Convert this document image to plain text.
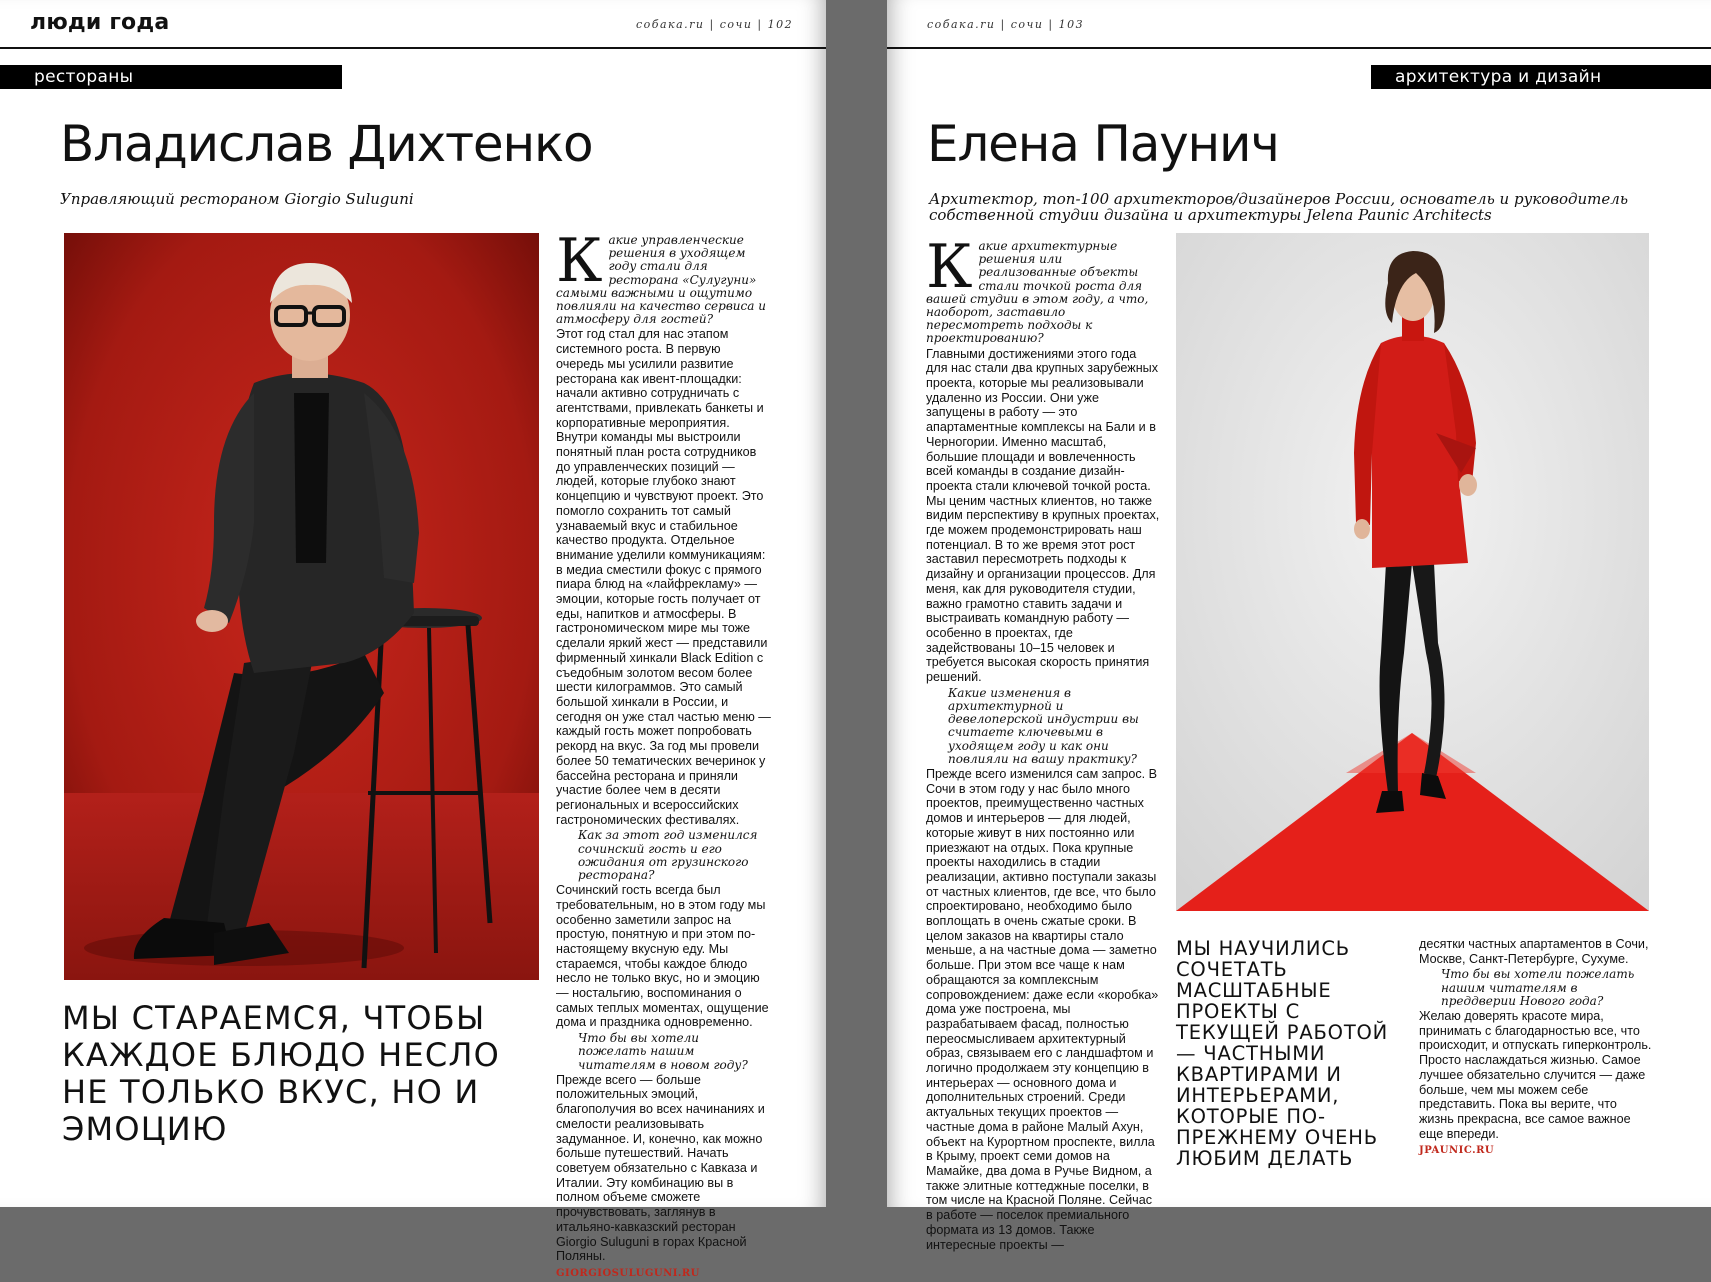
люди года	собака.ru | сочи | 102
рестораны
Владислав Дихтенко
Управляющий рестораном Giorgio Suluguni
Какие управленческие решения в уходящем году стали для ресторана «Сулугуни» самыми важными и ощутимо повлияли на качество сервиса и атмосферу для гостей?

Этот год стал для нас этапом системного роста. В первую очередь мы усилили развитие ресторана как ивент-площадки: начали активно сотрудничать с агентствами, привлекать банкеты и корпоративные мероприятия. Внутри команды мы выстроили понятный план роста сотрудников до управленческих позиций — людей, которые глубоко знают концепцию и чувствуют проект. Это помогло сохранить тот самый узнаваемый вкус и стабильное качество продукта. Отдельное внимание уделили коммуникациям: в медиа сместили фокус с прямого пиара блюд на «лайфрекламу» — эмоции, которые гость получает от еды, напитков и атмосферы. В гастрономическом мире мы тоже сделали яркий жест — представили фирменный хинкали Black Edition с съедобным золотом весом более шести килограммов. Это самый большой хинкали в России, и сегодня он уже стал частью меню — каждый гость может попробовать рекорд на вкус. За год мы провели более 50 тематических вечеринок у бассейна ресторана и приняли участие более чем в десяти региональных и всероссийских гастрономических фестивалях.

Как за этот год изменился сочинский гость и его ожидания от грузинского ресторана?

Сочинский гость всегда был требовательным, но в этом году мы особенно заметили запрос на простую, понятную и при этом по-настоящему вкусную еду. Мы стараемся, чтобы каждое блюдо несло не только вкус, но и эмоцию — ностальгию, воспоминания о самых теплых моментах, ощущение дома и праздника одновременно.

Что бы вы хотели пожелать нашим читателям в новом году?

Прежде всего — больше положительных эмоций, благополучия во всех начинаниях и смелости реализовывать задуманное. И, конечно, как можно больше путешествий. Начать советуем обязательно с Кавказа и Италии. Эту комбинацию вы в полном объеме сможете прочувствовать, заглянув в итальяно-кавказский ресторан Giorgio Suluguni в горах Красной Поляны.

GIORGIOSULUGUNI.RU
МЫ СТАРАЕМСЯ, ЧТОБЫ КАЖДОЕ БЛЮДО НЕСЛО НЕ ТОЛЬКО ВКУС, НО И ЭМОЦИЮ
собака.ru | сочи | 103
архитектура и дизайн
Елена Паунич
Архитектор, топ-100 архитекторов/дизайнеров России, основатель и руководитель собственной студии дизайна и архитектуры Jelena Paunic Architects
Какие архитектурные решения или реализованные объекты стали точкой роста для вашей студии в этом году, а что, наоборот, заставило пересмотреть подходы к проектированию?

Главными достижениями этого года для нас стали два крупных зарубежных проекта, которые мы реализовывали удаленно из России. Они уже запущены в работу — это апартаментные комплексы на Бали и в Черногории. Именно масштаб, большие площади и вовлеченность всей команды в создание дизайн-проекта стали ключевой точкой роста. Мы ценим частных клиентов, но также видим перспективу в крупных проектах, где можем продемонстрировать наш потенциал. В то же время этот рост заставил пересмотреть подходы к дизайну и организации процессов. Для меня, как для руководителя студии, важно грамотно ставить задачи и выстраивать командную работу — особенно в проектах, где задействованы 10–15 человек и требуется высокая скорость принятия решений.

Какие изменения в архитектурной и девелоперской индустрии вы считаете ключевыми в уходящем году и как они повлияли на вашу практику?

Прежде всего изменился сам запрос. В Сочи в этом году у нас было много проектов, преимущественно частных домов и интерьеров — для людей, которые живут в них постоянно или приезжают на отдых. Пока крупные проекты находились в стадии реализации, активно поступали заказы от частных клиентов, где все, что было спроектировано, необходимо было воплощать в очень сжатые сроки. В целом заказов на квартиры стало меньше, а на частные дома — заметно больше. При этом все чаще к нам обращаются за комплексным сопровождением: даже если «коробка» дома уже построена, мы разрабатываем фасад, полностью переосмысливаем архитектурный образ, связываем его с ландшафтом и логично продолжаем эту концепцию в интерьерах — основного дома и дополнительных строений. Среди актуальных текущих проектов — частные дома в районе Малый Ахун, объект на Курортном проспекте, вилла в Крыму, проект семи домов на Мамайке, два дома в Ручье Видном, а также элитные коттеджные поселки, в том числе на Красной Поляне. Сейчас в работе — поселок премиального формата из 13 домов. Также интересные проекты —

МЫ НАУЧИЛИСЬ СОЧЕТАТЬ МАСШТАБНЫЕ ПРОЕКТЫ С ТЕКУЩЕЙ РАБОТОЙ — ЧАСТНЫМИ КВАРТИРАМИ И ИНТЕРЬЕРАМИ, КОТОРЫЕ ПО-ПРЕЖНЕМУ ОЧЕНЬ ЛЮБИМ ДЕЛАТЬ

десятки частных апартаментов в Сочи, Москве, Санкт-Петербурге, Сухуме.

Что бы вы хотели пожелать нашим читателям в преддверии Нового года?

Желаю доверять красоте мира, принимать с благодарностью все, что происходит, и отпускать гиперконтроль. Просто наслаждаться жизнью. Самое лучшее обязательно случится — даже больше, чем мы можем себе представить. Пока вы верите, что жизнь прекрасна, все самое важное еще впереди.

JPAUNIC.RU
